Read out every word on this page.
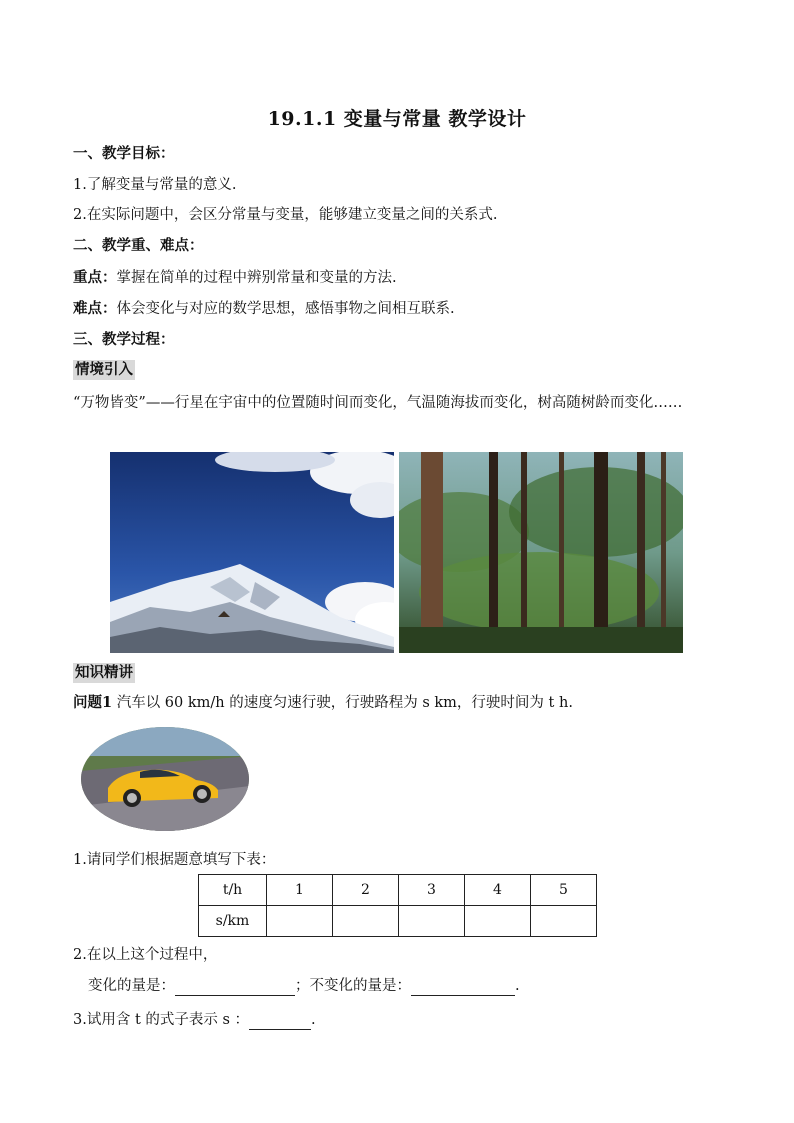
19.1.1 变量与常量 教学设计
一、教学目标：
1.了解变量与常量的意义.
2.在实际问题中，会区分常量与变量，能够建立变量之间的关系式.
二、教学重、难点：
重点：掌握在简单的过程中辨别常量和变量的方法.
难点：体会变化与对应的数学思想，感悟事物之间相互联系.
三、教学过程：
情境引入
“万物皆变”——行星在宇宙中的位置随时间而变化，气温随海拔而变化，树高随树龄而变化……
知识精讲
问题1 汽车以 60 km/h 的速度匀速行驶，行驶路程为 s km，行驶时间为 t h.
1.请同学们根据题意填写下表：
t/h	1	2	3	4	5
s/km					
2.在以上这个过程中，
变化的量是：	；不变化的量是：	.
3.试用含 t 的式子表示 s ：	.
